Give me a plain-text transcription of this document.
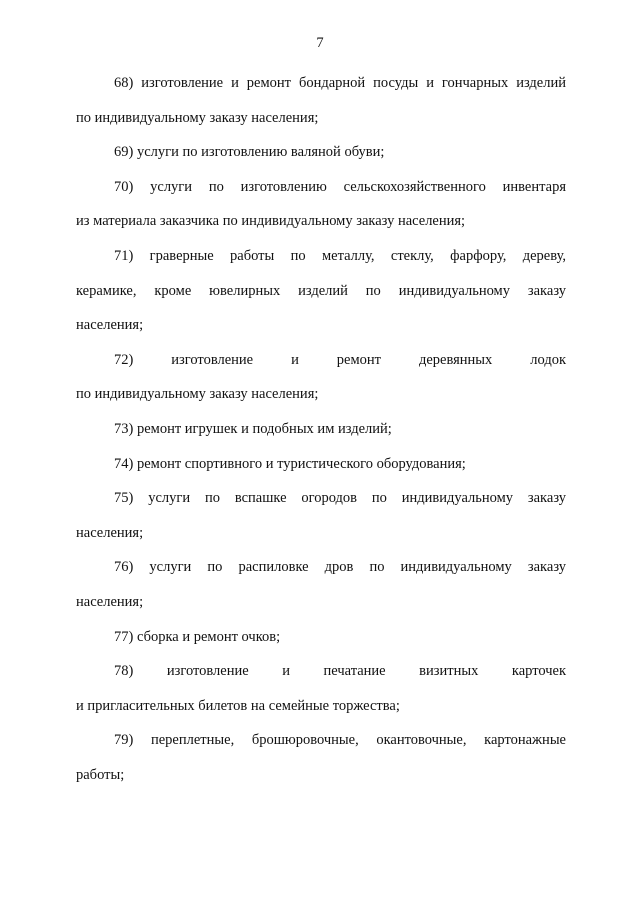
7

68) изготовление и ремонт бондарной посуды и гончарных изделий
по индивидуальному заказу населения;

69) услуги по изготовлению валяной обуви;

70) услуги по изготовлению сельскохозяйственного инвентаря
из материала заказчика по индивидуальному заказу населения;

71) граверные работы по металлу, стеклу, фарфору, дереву,
керамике, кроме ювелирных изделий по индивидуальному заказу
населения;

72) изготовление и ремонт деревянных лодок
по индивидуальному заказу населения;

73) ремонт игрушек и подобных им изделий;

74) ремонт спортивного и туристического оборудования;

75) услуги по вспашке огородов по индивидуальному заказу
населения;

76) услуги по распиловке дров по индивидуальному заказу
населения;

77) сборка и ремонт очков;

78) изготовление и печатание визитных карточек
и пригласительных билетов на семейные торжества;

79) переплетные, брошюровочные, окантовочные, картонажные
работы;
